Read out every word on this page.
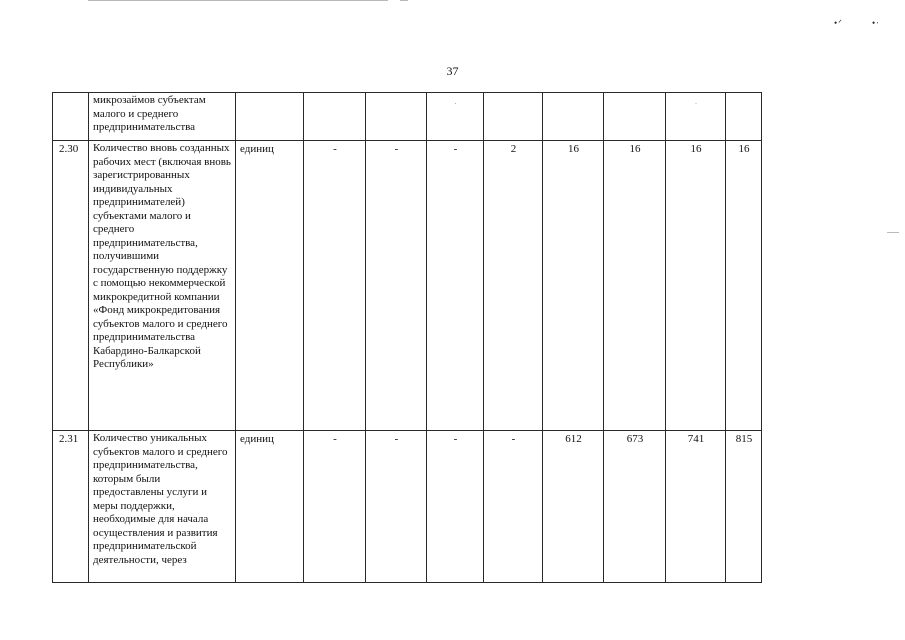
•ᐟ	•ᐧ
37
	микрозаймов субъектам малого и среднего предпринимательства				.				.	

2.30	Количество вновь созданных рабочих мест (включая вновь зарегистрированных индивидуальных предпринимателей) субъектами малого и среднего предпринимательства, получившими государственную поддержку с помощью некоммерческой микрокредитной компании «Фонд микрокредитования субъектов малого и среднего предпринимательства Кабардино-Балкарской Республики»	единиц	-	-	-	2	16	16	16	16
2.31	Количество уникальных субъектов малого и среднего предпринимательства, которым были предоставлены услуги и меры поддержки, необходимые для начала осуществления и развития предпринимательской деятельности, через	единиц	-	-	-	-	612	673	741	815
